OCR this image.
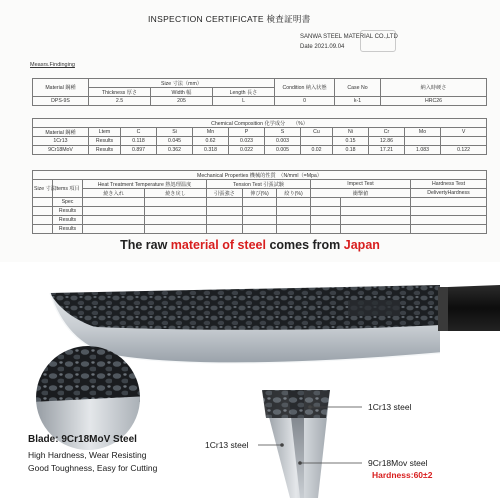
INSPECTION CERTIFICATE 検査証明書
SANWA STEEL MATERIAL CO.,LTD
Date 2021.09.04
Measrs.Findinging
Material 鋼種	Size 寸法（mm）			Condition 納入状態	Case No	納入時硬さ
	Thickness 厚さ	Width 幅	Length 長さ			
DPS-9S	2.5	205	L	0	k-1	HRC26
Chemical Composition 化学成分　　（%）											
Material 鋼種	Ltem	C	Si	Mn	P	S	Cu	Ni	Cr	Mo	V
1Cr13	Results	0.118	0.045	0.62	0.023	0.003		0.15	12.86		
9Cr18MoV	Results	0.897	0.362	0.318	0.022	0.005	0.02	0.18	17.21	1.083	0.122
Mechanical Properties 機械的性質　（N/mml（=Mpa）									
Size 寸法	Items 項目	Heat Treatment Temperature 熱処理温度		Tension Test 引張試験			Impect Test		Hardness Test
		焼き入れ	焼き戻し	引張強さ	伸び(%)	絞り(%)	衝撃値		DelivertyHardness
	Spec								
	Results								
	Results								
	Results								
The raw material of steel comes from Japan
Blade: 9Cr18MoV Steel
High Hardness, Wear Resisting
Good Toughness, Easy for Cutting
1Cr13 steel
1Cr13 steel
9Cr18Mov steel
Hardness:60±2
